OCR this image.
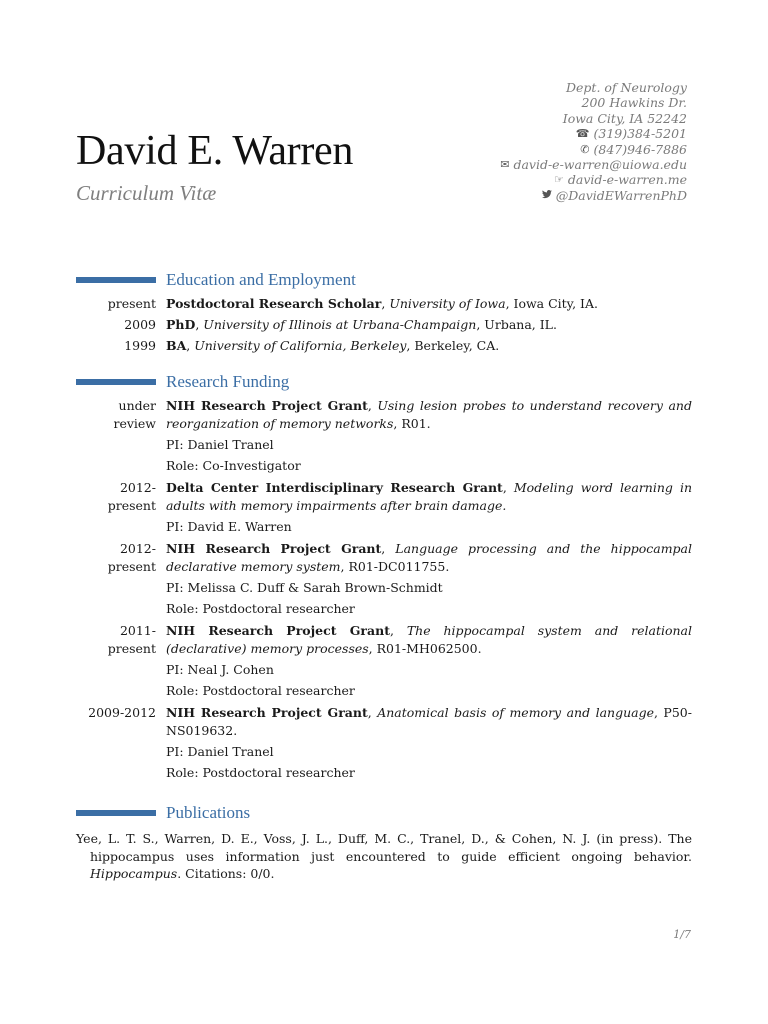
Dept. of Neurology
200 Hawkins Dr.
Iowa City, IA 52242
☎ (319)384-5201
✆ (847)946-7886
✉ david-e-warren@uiowa.edu
☞ david-e-warren.me
@DavidEWarrenPhD
David E. Warren
Curriculum Vitæ
Education and Employment
present Postdoctoral Research Scholar, University of Iowa, Iowa City, IA.
2009 PhD, University of Illinois at Urbana-Champaign, Urbana, IL.
1999 BA, University of California, Berkeley, Berkeley, CA.
Research Funding
under review
NIH Research Project Grant, Using lesion probes to understand recovery and reorganization of memory networks, R01.
PI: Daniel Tranel
Role: Co-Investigator
2012-present
Delta Center Interdisciplinary Research Grant, Modeling word learning in adults with memory impairments after brain damage.
PI: David E. Warren
2012-present
NIH Research Project Grant, Language processing and the hippocampal declarative memory system, R01-DC011755.
PI: Melissa C. Duff & Sarah Brown-Schmidt
Role: Postdoctoral researcher
2011-present
NIH Research Project Grant, The hippocampal system and relational (declarative) memory processes, R01-MH062500.
PI: Neal J. Cohen
Role: Postdoctoral researcher
2009-2012 NIH Research Project Grant, Anatomical basis of memory and language, P50-NS019632.
PI: Daniel Tranel
Role: Postdoctoral researcher
Publications
Yee, L. T. S., Warren, D. E., Voss, J. L., Duff, M. C., Tranel, D., & Cohen, N. J. (in press). The hippocampus uses information just encountered to guide efficient ongoing behavior. Hippocampus. Citations: 0/0.
1/7
